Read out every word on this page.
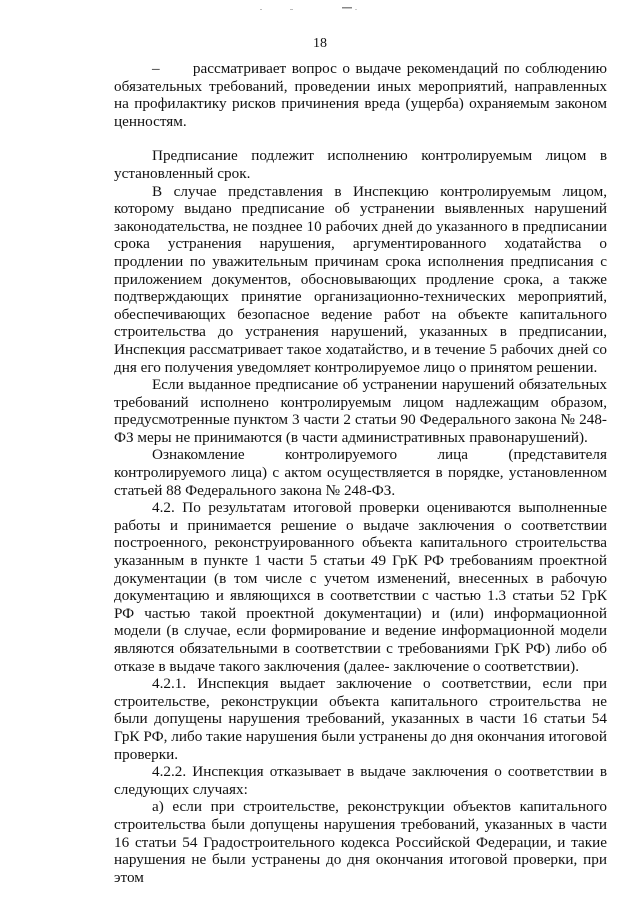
18

–      рассматривает вопрос о выдаче рекомендаций по соблюдению обязательных требований, проведении иных мероприятий, направленных на профилактику рисков причинения вреда (ущерба) охраняемым законом ценностям.

Предписание подлежит исполнению контролируемым лицом в установленный срок.

В случае представления в Инспекцию контролируемым лицом, которому выдано предписание об устранении выявленных нарушений законодательства, не позднее 10 рабочих дней до указанного в предписании срока устранения нарушения, аргументированного ходатайства о продлении по уважительным причинам срока исполнения предписания с приложением документов, обосновывающих продление срока, а также подтверждающих принятие организационно-технических мероприятий, обеспечивающих безопасное ведение работ на объекте капитального строительства до устранения нарушений, указанных в предписании, Инспекция рассматривает такое ходатайство, и в течение 5 рабочих дней со дня его получения уведомляет контролируемое лицо о принятом решении.

Если выданное предписание об устранении нарушений обязательных требований исполнено контролируемым лицом надлежащим образом, предусмотренные пунктом 3 части 2 статьи 90 Федерального закона № 248-ФЗ меры не принимаются (в части административных правонарушений).

Ознакомление контролируемого лица (представителя контролируемого лица) с актом осуществляется в порядке, установленном статьей 88 Федерального закона № 248-ФЗ.

4.2. По результатам итоговой проверки оцениваются выполненные работы и принимается решение о выдаче заключения о соответствии построенного, реконструированного объекта капитального строительства указанным в пункте 1 части 5 статьи 49 ГрК РФ требованиям проектной документации (в том числе с учетом изменений, внесенных в рабочую документацию и являющихся в соответствии с частью 1.3 статьи 52 ГрК РФ частью такой проектной документации) и (или) информационной модели (в случае, если формирование и ведение информационной модели являются обязательными в соответствии с требованиями ГрК РФ) либо об отказе в выдаче такого заключения (далее- заключение о соответствии).

4.2.1. Инспекция выдает заключение о соответствии, если при строительстве, реконструкции объекта капитального строительства не были допущены нарушения требований, указанных в части 16 статьи 54 ГрК РФ, либо такие нарушения были устранены до дня окончания итоговой проверки.

4.2.2. Инспекция отказывает в выдаче заключения о соответствии в следующих случаях:

а) если при строительстве, реконструкции объектов капитального строительства были допущены нарушения требований, указанных в части 16 статьи 54 Градостроительного кодекса Российской Федерации, и такие нарушения не были устранены до дня окончания итоговой проверки, при этом
